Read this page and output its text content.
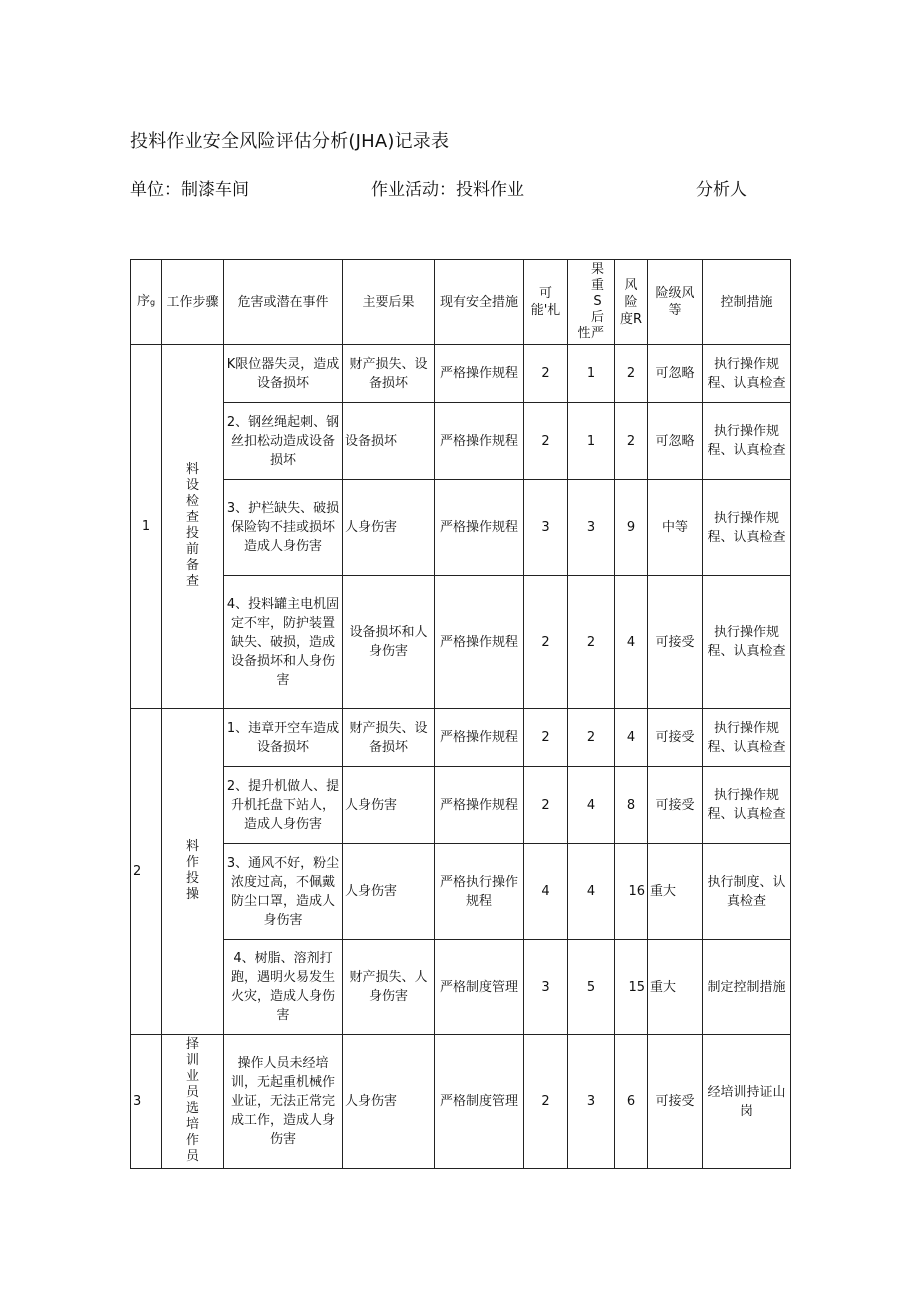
投料作业安全风险评估分析(JHA)记录表
单位：制漆车间	作业活动：投料作业	分析人
序g	工作步骤	危害或潜在事件	主要后果	现有安全措施	可能'札	性果重S后严	风险度R	险级风等	控制措施
1	料设检查投前备查	K限位器失灵，造成设备损坏	财产损失、设备损坏	严格操作规程	2	1	2	可忽略	执行操作规程、认真检查
		2、钢丝绳起刺、钢丝扣松动造成设备损坏	设备损坏	严格操作规程	2	1	2	可忽略	执行操作规程、认真检查
		3、护栏缺失、破损保险钩不挂或损坏造成人身伤害	人身伤害	严格操作规程	3	3	9	中等	执行操作规程、认真检查
		4、投料罐主电机固定不牢，防护装置缺失、破损，造成设备损坏和人身伤害	设备损坏和人身伤害	严格操作规程	2	2	4	可接受	执行操作规程、认真检查
2	料作投操	1、违章开空车造成设备损坏	财产损失、设备损坏	严格操作规程	2	2	4	可接受	执行操作规程、认真检查
		2、提升机做人、提升机托盘下站人，造成人身伤害	人身伤害	严格操作规程	2	4	8	可接受	执行操作规程、认真检查
		3、通风不好，粉尘浓度过高，不佩戴防尘口罩，造成人身伤害	人身伤害	严格执行操作规程	4	4	16	重大	执行制度、认真检查
		4、树脂、溶剂打跑，遇明火易发生火灾，造成人身伤害	财产损失、人身伤害	严格制度管理	3	5	15	重大	制定控制措施
3	择训业员选培作员	操作人员未经培训，无起重机械作业证，无法正常完成工作，造成人身伤害	人身伤害	严格制度管理	2	3	6	可接受	经培训持证山岗
